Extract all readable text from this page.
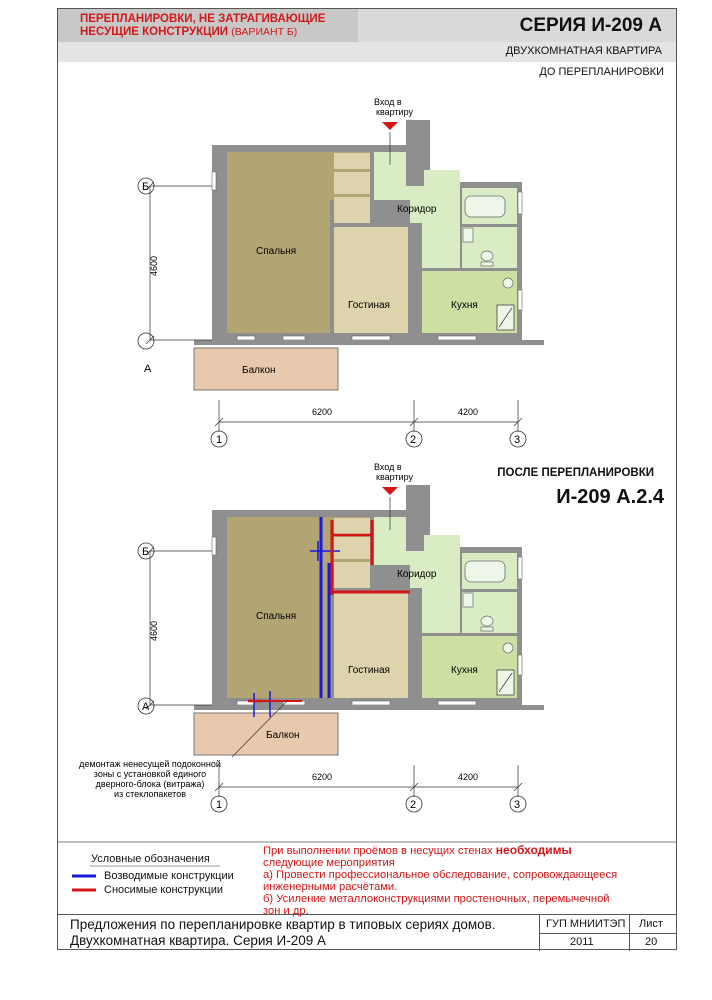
ПЕРЕПЛАНИРОВКИ, НЕ ЗАТРАГИВАЮЩИЕ
НЕСУЩИЕ КОНСТРУКЦИИ (ВАРИАНТ Б)	СЕРИЯ И-209 А
ДВУХКОМНАТНАЯ КВАРТИРА
ДО ПЕРЕПЛАНИРОВКИ
ПОСЛЕ ПЕРЕПЛАНИРОВКИ
И-209 А.2.4
Вход в
квартиру
Спальня
Гостиная
Коридор
Кухня
Балкон
А
Б
1	2	3
6200	4200
4600
Вход в
квартиру
Спальня
Гостиная
Коридор
Кухня
Балкон
Б
А
1	2	3
6200	4200
4600
демонтаж ненесущей подоконной
зоны с установкой единого
дверного-блока (витража)
из стеклопакетов
Условные обозначения
Возводимые конструкции
Сносимые конструкции
При выполнении проёмов в несущих стенах необходимы
следующие мероприятия
а) Провести профессиональное обследование, сопровождающееся
инженерными расчётами.
б) Усиление металлоконструкциями простеночных, перемычечной
зон и др.
Предложения по перепланировке квартир в типовых сериях домов.
Двухкомнатная квартира. Серия И-209 А
ГУП МНИИТЭП
2011
Лист
20
